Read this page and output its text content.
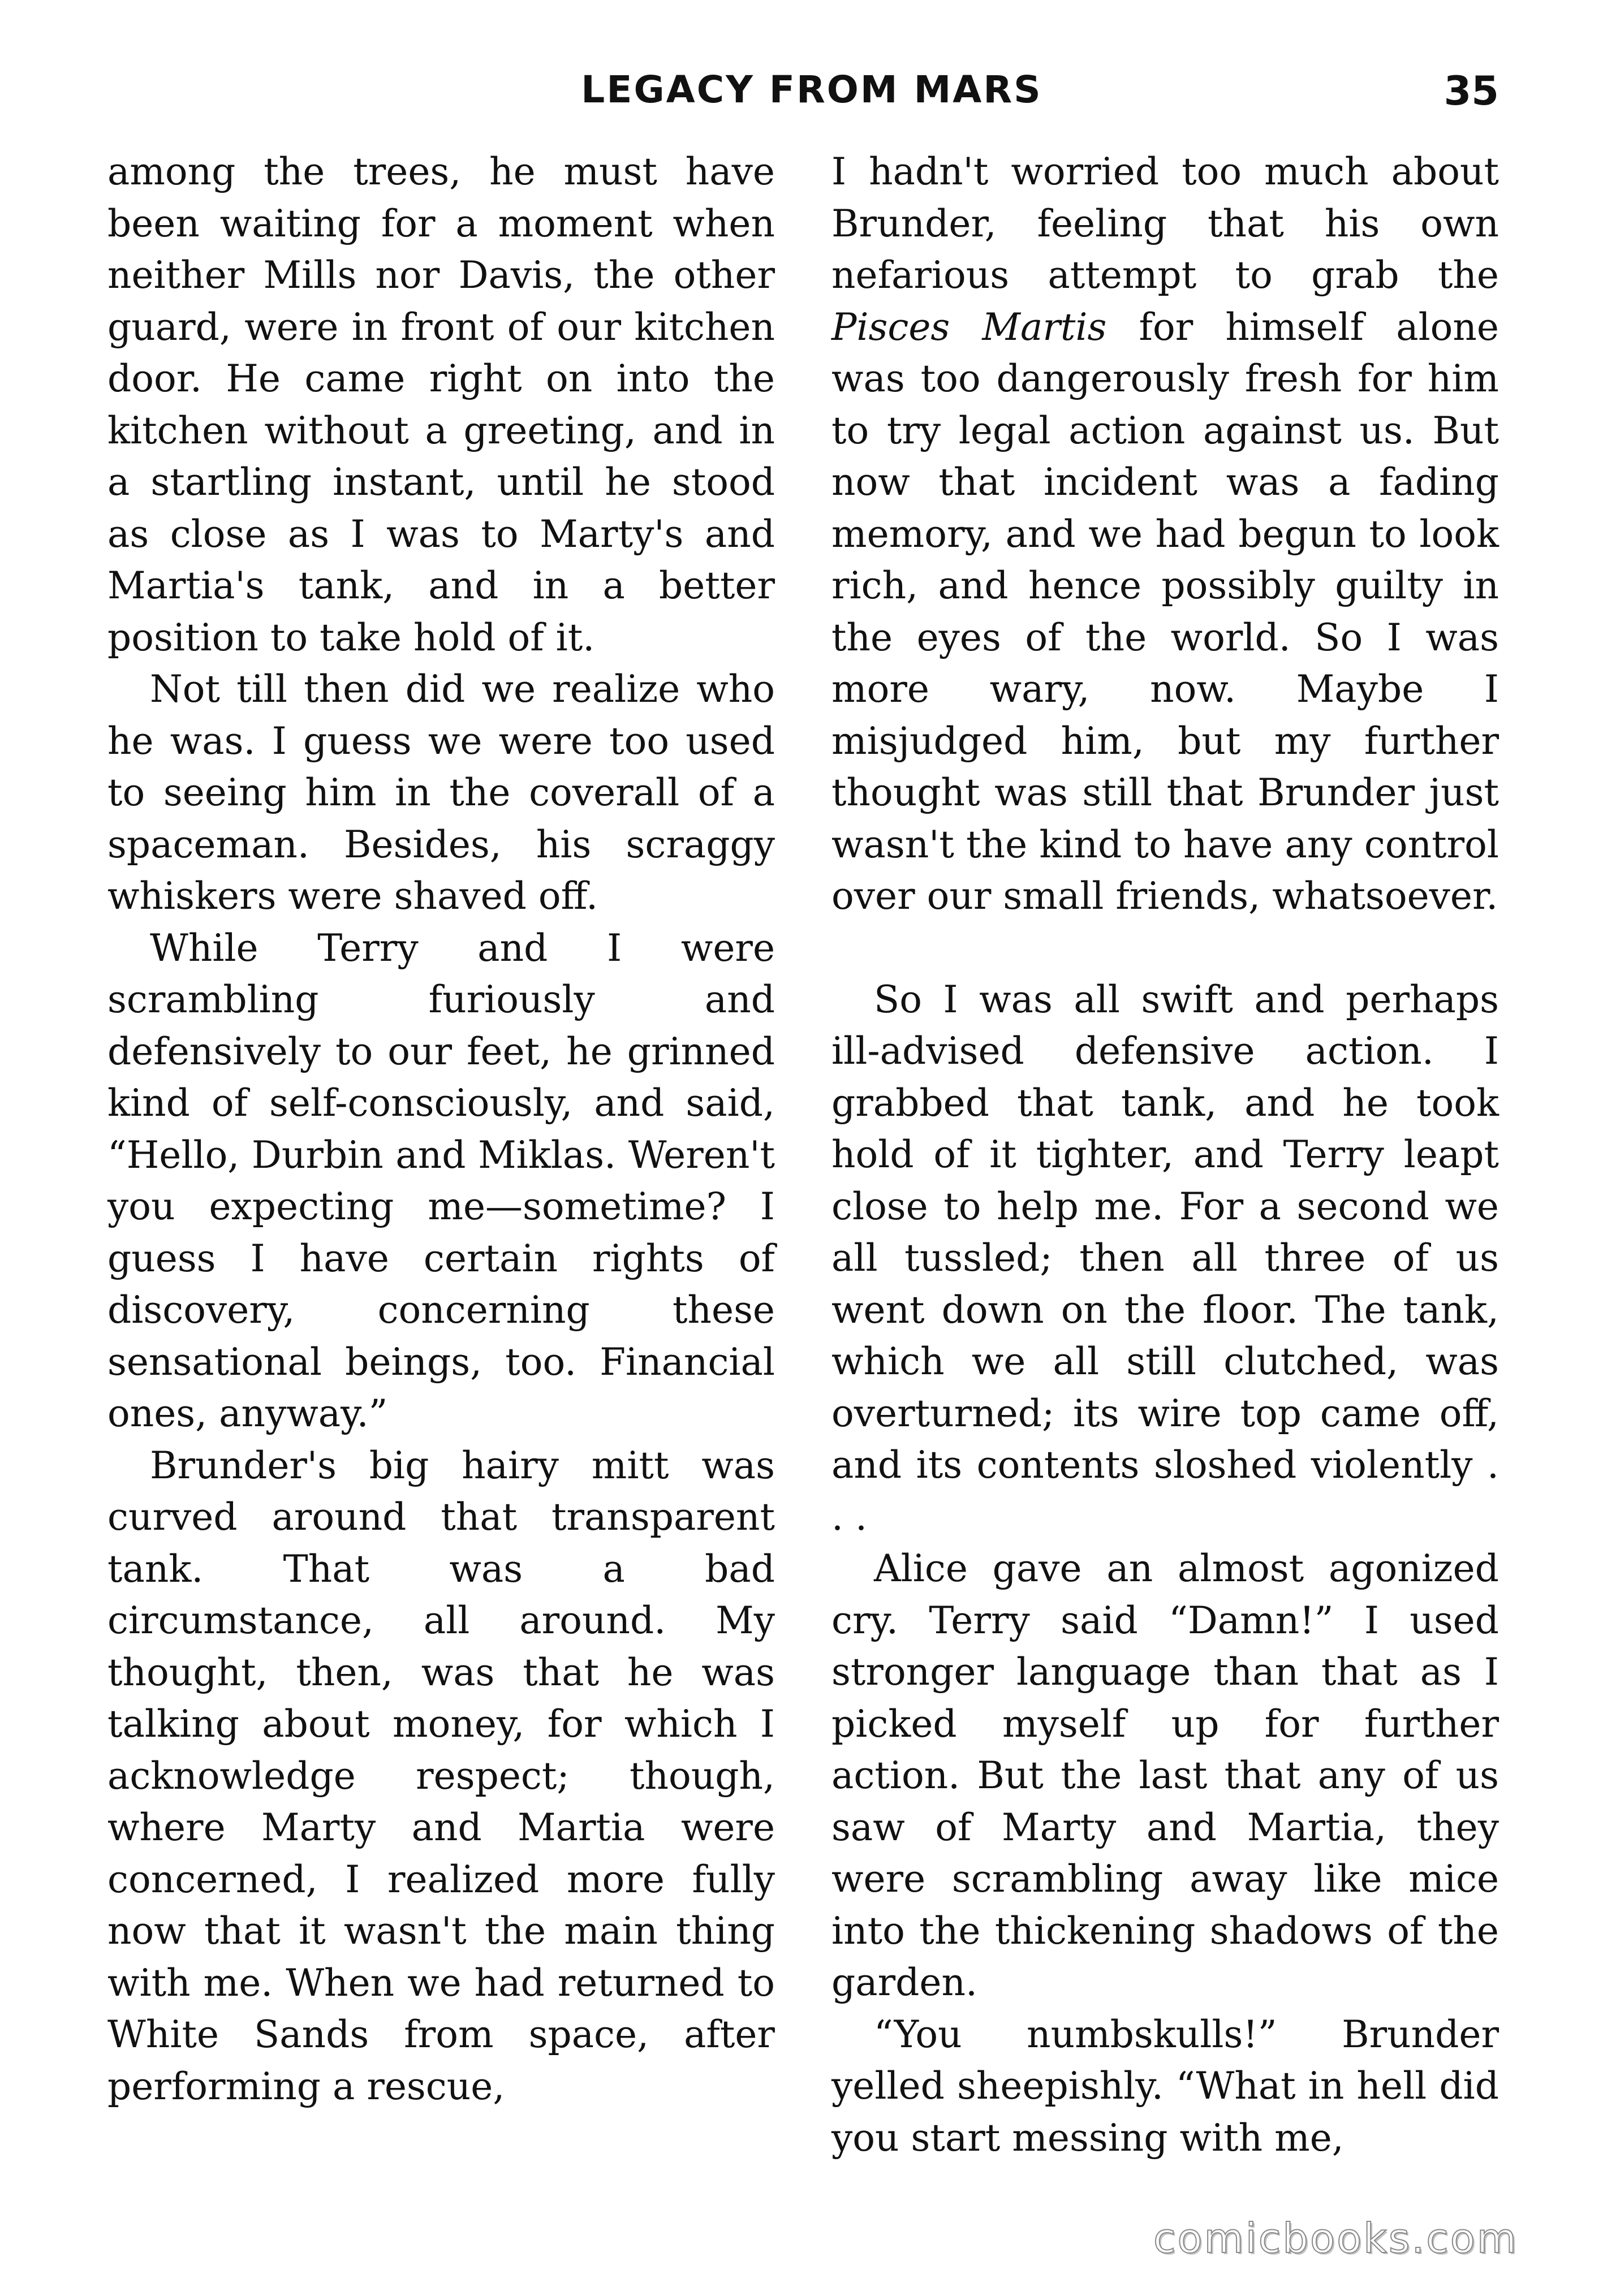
LEGACY FROM MARS	35

among the trees, he must have been waiting for a moment when neither Mills nor Davis, the other guard, were in front of our kitchen door. He came right on into the kitchen without a greeting, and in a startling instant, until he stood as close as I was to Marty's and Martia's tank, and in a better position to take hold of it.

Not till then did we realize who he was. I guess we were too used to seeing him in the coverall of a spaceman. Besides, his scraggy whiskers were shaved off.

While Terry and I were scrambling furiously and defensively to our feet, he grinned kind of self-consciously, and said, “Hello, Durbin and Miklas. Weren't you expecting me—sometime? I guess I have certain rights of discovery, concerning these sensational beings, too. Financial ones, anyway.”

Brunder's big hairy mitt was curved around that transparent tank. That was a bad circumstance, all around. My thought, then, was that he was talking about money, for which I acknowledge respect; though, where Marty and Martia were concerned, I realized more fully now that it wasn't the main thing with me. When we had returned to White Sands from space, after performing a rescue,

I hadn't worried too much about Brunder, feeling that his own nefarious attempt to grab the Pisces Martis for himself alone was too dangerously fresh for him to try legal action against us. But now that incident was a fading memory, and we had begun to look rich, and hence possibly guilty in the eyes of the world. So I was more wary, now. Maybe I misjudged him, but my further thought was still that Brunder just wasn't the kind to have any control over our small friends, whatsoever.

So I was all swift and perhaps ill-advised defensive action. I grabbed that tank, and he took hold of it tighter, and Terry leapt close to help me. For a second we all tussled; then all three of us went down on the floor. The tank, which we all still clutched, was overturned; its wire top came off, and its contents sloshed violently . . .

Alice gave an almost agonized cry. Terry said “Damn!” I used stronger language than that as I picked myself up for further action. But the last that any of us saw of Marty and Martia, they were scrambling away like mice into the thickening shadows of the garden.

“You numbskulls!” Brunder yelled sheepishly. “What in hell did you start messing with me,

comicbooks.com
